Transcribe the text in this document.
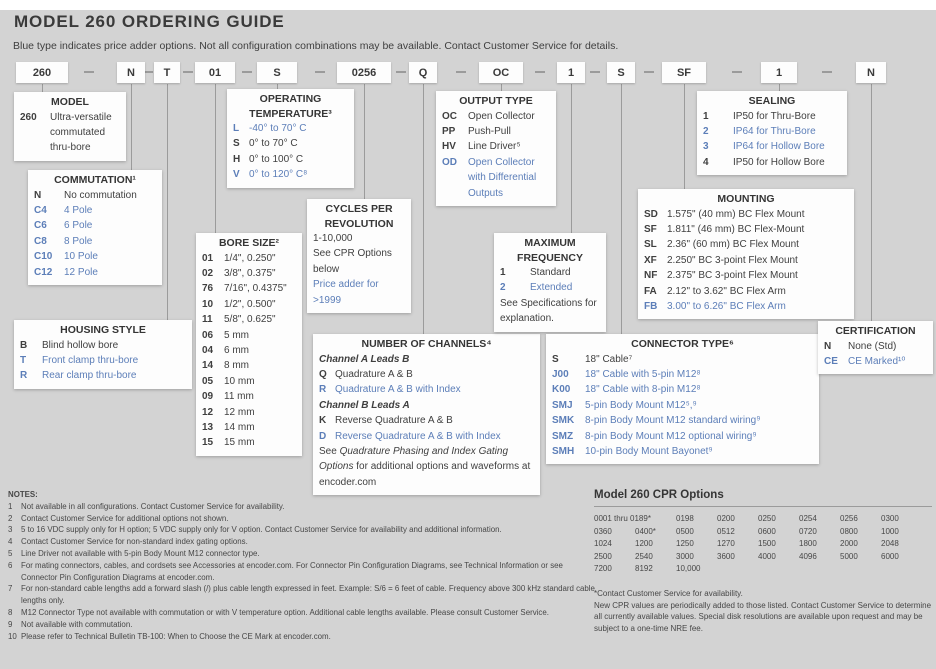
MODEL 260 ORDERING GUIDE
Blue type indicates price adder options. Not all configuration combinations may be available. Contact Customer Service for details.
260	N	T	01	S	0256	Q	OC	1	S	SF	1	N
MODEL
260	Ultra-versatile commutated thru-bore
COMMUTATION¹
N	No commutation
C4	4 Pole
C6	6 Pole
C8	8 Pole
C10	10 Pole
C12	12 Pole
HOUSING STYLE
B	Blind hollow bore
T	Front clamp thru-bore
R	Rear clamp thru-bore
OPERATING TEMPERATURE³
L -40° to 70° C
S 0° to 70° C
H 0° to 100° C
V 0° to 120° C⁸
BORE SIZE²
01	1/4", 0.250"
02	3/8", 0.375"
76	7/16", 0.4375"
10	1/2", 0.500"
11	5/8", 0.625"
06	5 mm
04	6 mm
14	8 mm
05	10 mm
09	11 mm
12	12 mm
13	14 mm
15	15 mm
CYCLES PER REVOLUTION
1-10,000
See CPR Options below
Price adder for >1999
OUTPUT TYPE
OC	Open Collector
PP	Push-Pull
HV	Line Driver⁵
OD	Open Collector with Differential Outputs
NUMBER OF CHANNELS⁴
Channel A Leads B
Q Quadrature A & B
R Quadrature A & B with Index
Channel B Leads A
K Reverse Quadrature A & B
D Reverse Quadrature A & B with Index
See Quadrature Phasing and Index Gating Options for additional options and waveforms at encoder.com
MAXIMUM FREQUENCY
1	Standard
2	Extended
See Specifications for explanation.
SEALING
1	IP50 for Thru-Bore
2	IP64 for Thru-Bore
3	IP64 for Hollow Bore
4	IP50 for Hollow Bore
MOUNTING
SD 1.575" (40 mm) BC Flex Mount
SF	1.811" (46 mm) BC Flex-Mount
SL	2.36" (60 mm) BC Flex Mount
XF	2.250" BC 3-point Flex Mount
NF 2.375" BC 3-point Flex Mount
FA	2.12" to 3.62" BC Flex Arm
FB 3.00" to 6.26" BC Flex Arm
CONNECTOR TYPE⁶
S	18" Cable⁷
J00	18" Cable with 5-pin M12⁸
K00	18" Cable with 8-pin M12⁸
SMJ	5-pin Body Mount M12⁵,⁹
SMK	8-pin Body Mount M12 standard wiring⁹
SMZ	8-pin Body Mount M12 optional wiring⁹
SMH	10-pin Body Mount Bayonet⁹
CERTIFICATION
N	None (Std)
CE	CE Marked¹⁰
NOTES:
1	Not available in all configurations. Contact Customer Service for availability.
2	Contact Customer Service for additional options not shown.
3	5 to 16 VDC supply only for H option; 5 VDC supply only for V option. Contact Customer Service for availability and additional information.
4	Contact Customer Service for non-standard index gating options.
5	Line Driver not available with 5-pin Body Mount M12 connector type.
6	For mating connectors, cables, and cordsets see Accessories at encoder.com. For Connector Pin Configuration Diagrams, see Technical Information or see Connector Pin Configuration Diagrams at encoder.com.
7	For non-standard cable lengths add a forward slash (/) plus cable length expressed in feet. Example: S/6 = 6 feet of cable. Frequency above 300 kHz standard cable lengths only.
8	M12 Connector Type not available with commutation or with V temperature option. Additional cable lengths available. Please consult Customer Service.
9	Not available with commutation.
10 Please refer to Technical Bulletin TB-100: When to Choose the CE Mark at encoder.com.
Model 260 CPR Options
0001 thru 0189*	0198	0200	0250	0254	0256	0300
0360	0400*	0500	0512	0600	0720	0800	1000
1024	1200	1250	1270	1500	1800	2000	2048
2500	2540	3000	3600	4000	4096	5000	6000
7200	8192	10,000
*Contact Customer Service for availability.
New CPR values are periodically added to those listed. Contact Customer Service to determine all currently available values. Special disk resolutions are available upon request and may be subject to a one-time NRE fee.
